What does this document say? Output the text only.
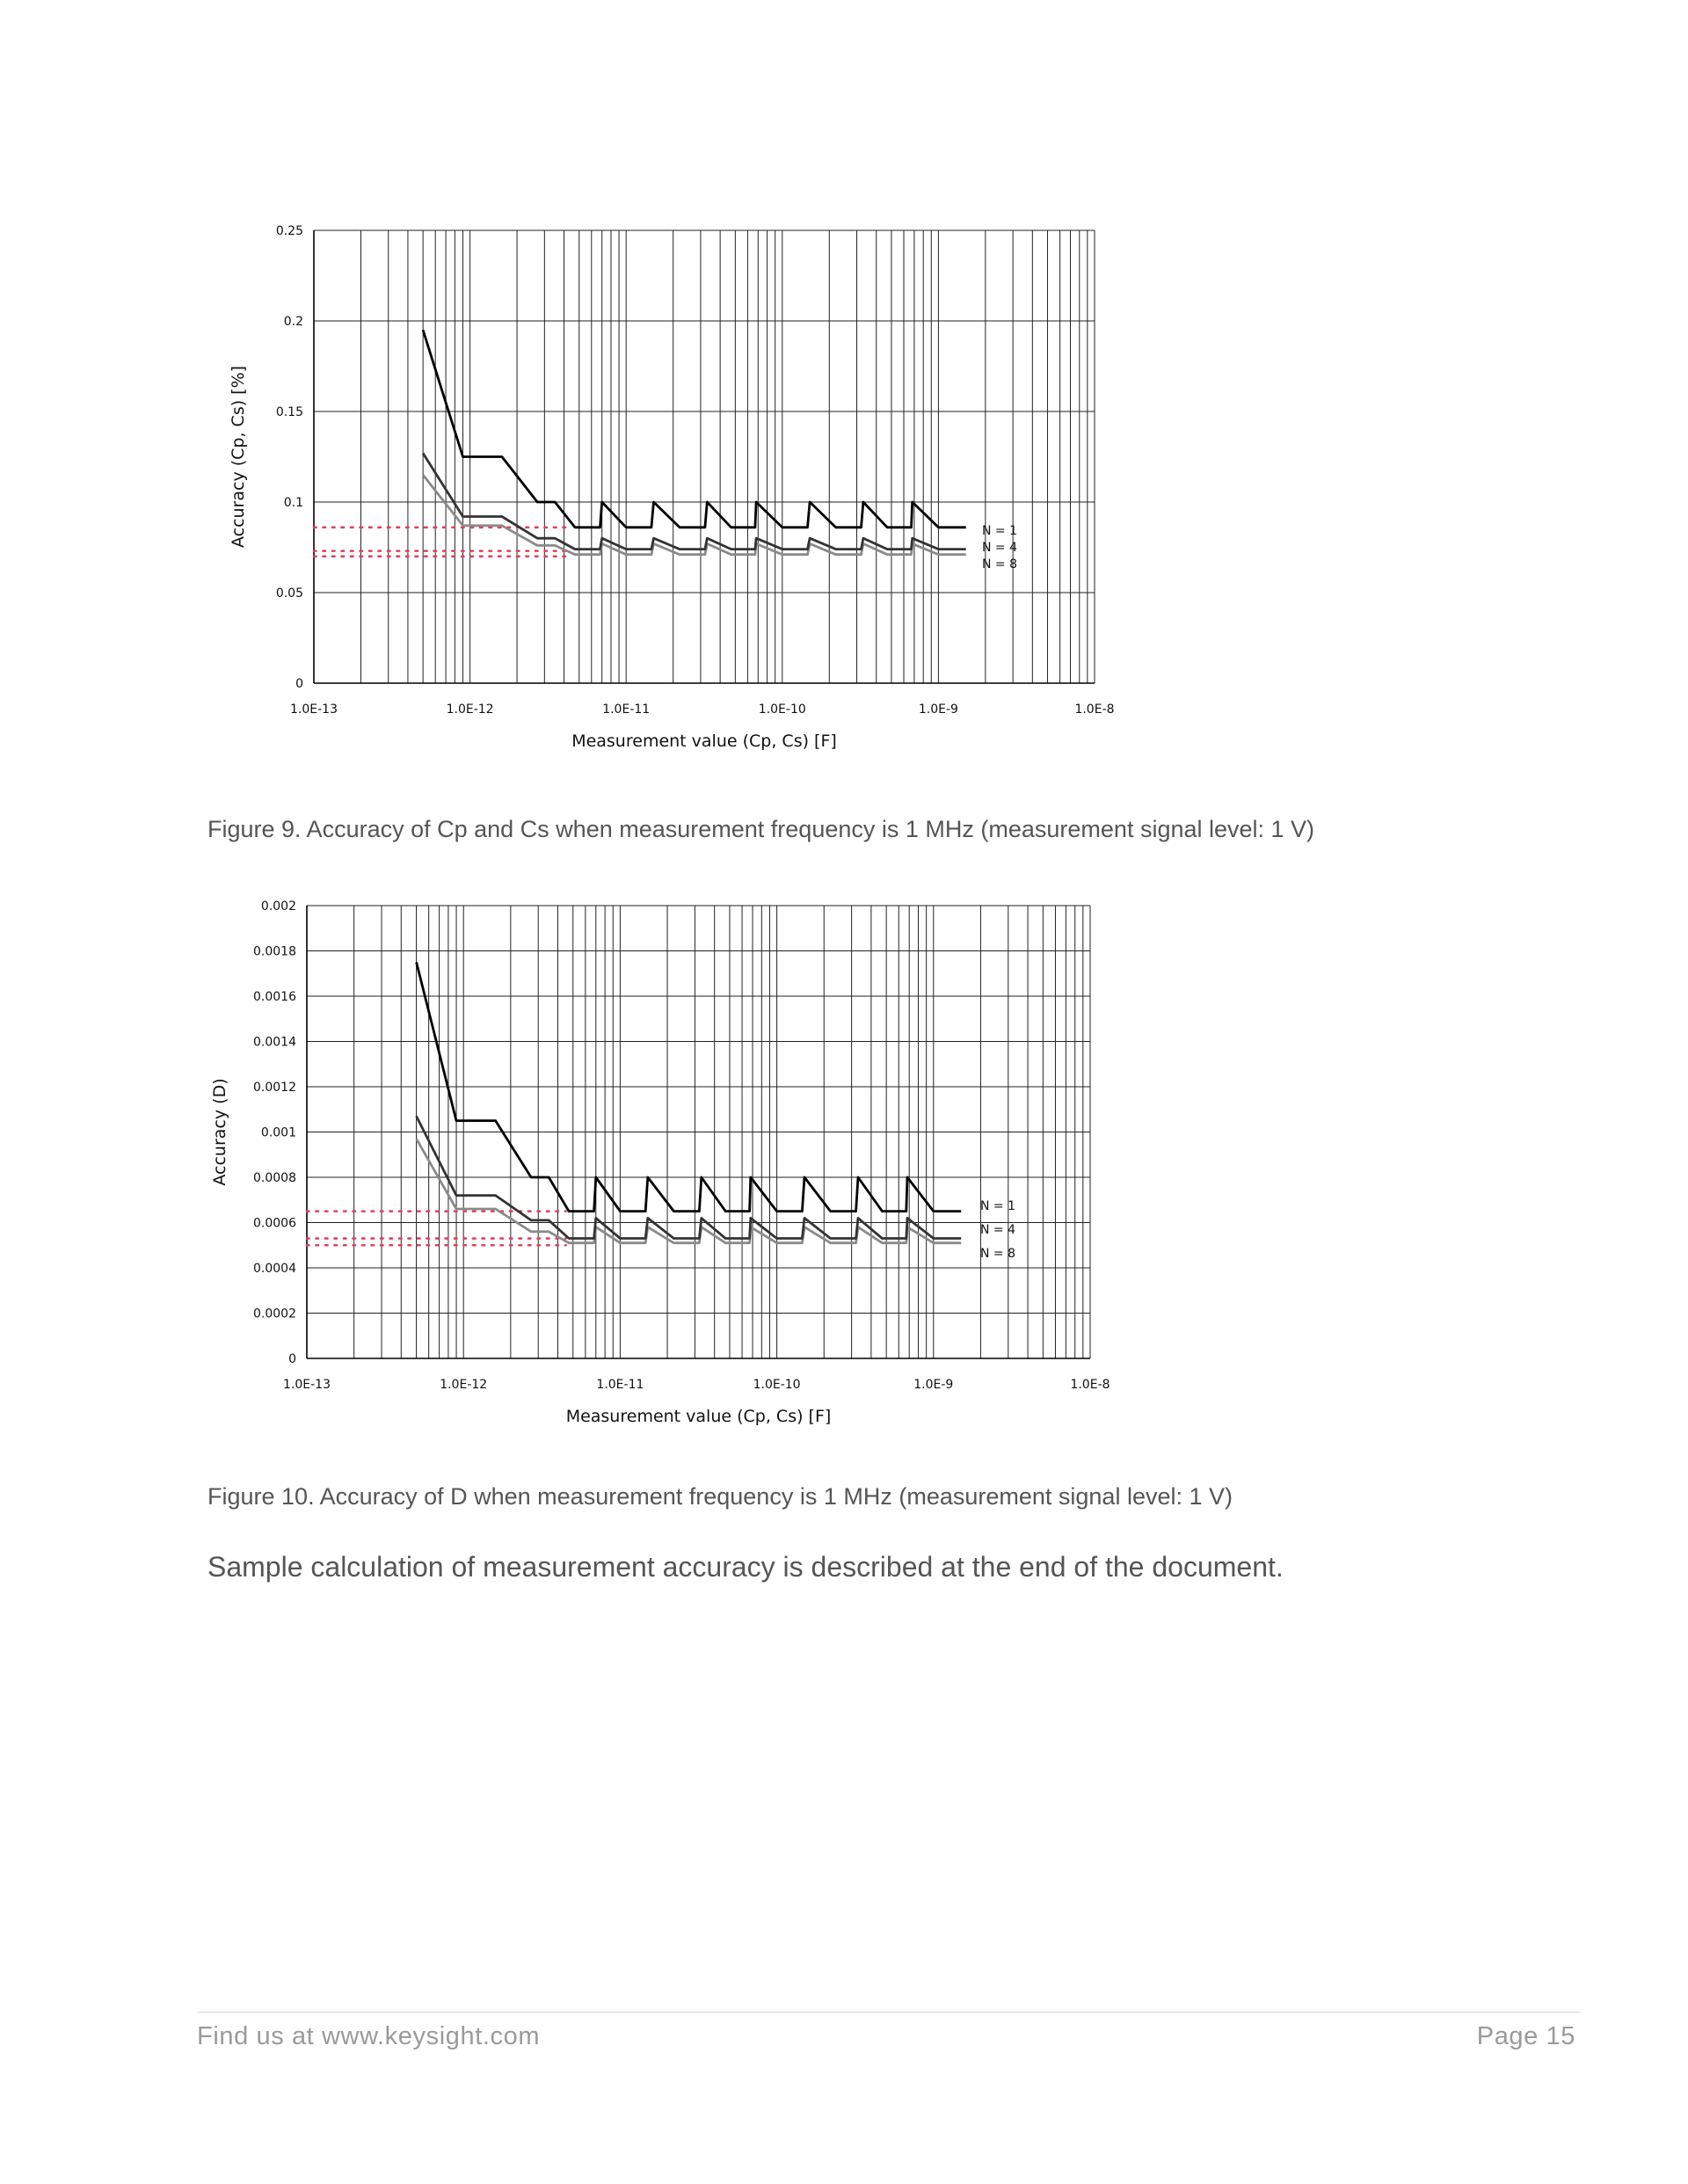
0
0.05
0.1
0.15
0.2
0.25
1.0E-13	1.0E-12	1.0E-11	1.0E-10	1.0E-9	1.0E-8
Measurement value (Cp, Cs) [F]
Accuracy (Cp, Cs) [%]	N = 1
N = 4
N = 8

Figure 9. Accuracy of Cp and Cs when measurement frequency is 1 MHz (measurement signal level: 1 V)

0
0.0002
0.0004
0.0006
0.0008
0.001
0.0012
0.0014
0.0016
0.0018
0.002
1.0E-13	1.0E-12	1.0E-11	1.0E-10	1.0E-9	1.0E-8
Measurement value (Cp, Cs) [F]
Accuracy (D)
N = 1
N = 4
N = 8

Figure 10. Accuracy of D when measurement frequency is 1 MHz (measurement signal level: 1 V)

Sample calculation of measurement accuracy is described at the end of the document.

Find us at www.keysight.com	Page 15
